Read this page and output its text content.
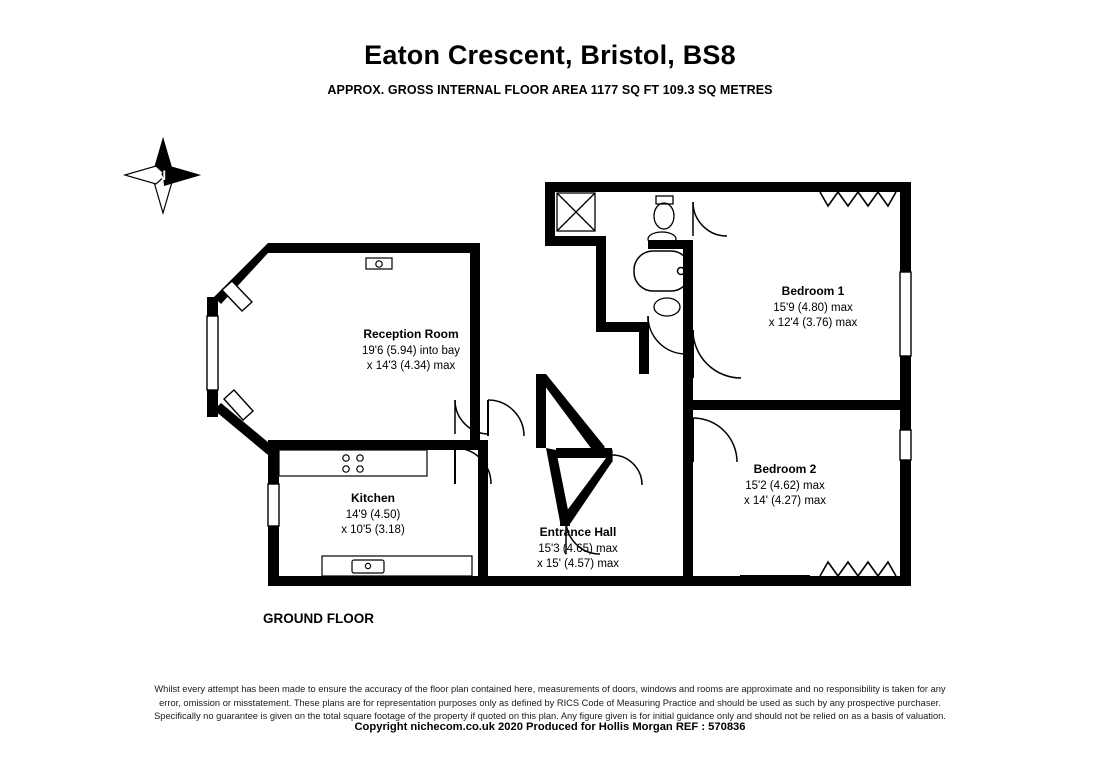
Eaton Crescent, Bristol, BS8
APPROX. GROSS INTERNAL FLOOR AREA 1177 SQ FT 109.3 SQ METRES
N
Reception Room
19'6 (5.94) into bay
x 14'3 (4.34) max
Kitchen
14'9 (4.50)
x 10'5 (3.18)	Entrance Hall
15'3 (4.65) max
x 15' (4.57) max
Bedroom 1
15'9 (4.80) max
x 12'4 (3.76) max
Bedroom 2
15'2 (4.62) max
x 14' (4.27) max
GROUND FLOOR
Whilst every attempt has been made to ensure the accuracy of the floor plan contained here, measurements of doors, windows and rooms are approximate and no responsibility is taken for any
error, omission or misstatement. These plans are for representation purposes only as defined by RICS Code of Measuring Practice and should be used as such by any prospective purchaser.
Specifically no guarantee is given on the total square footage of the property if quoted on this plan. Any figure given is for initial guidance only and should not be relied on as a basis of valuation.
Copyright nichecom.co.uk 2020 Produced for Hollis Morgan REF : 570836
